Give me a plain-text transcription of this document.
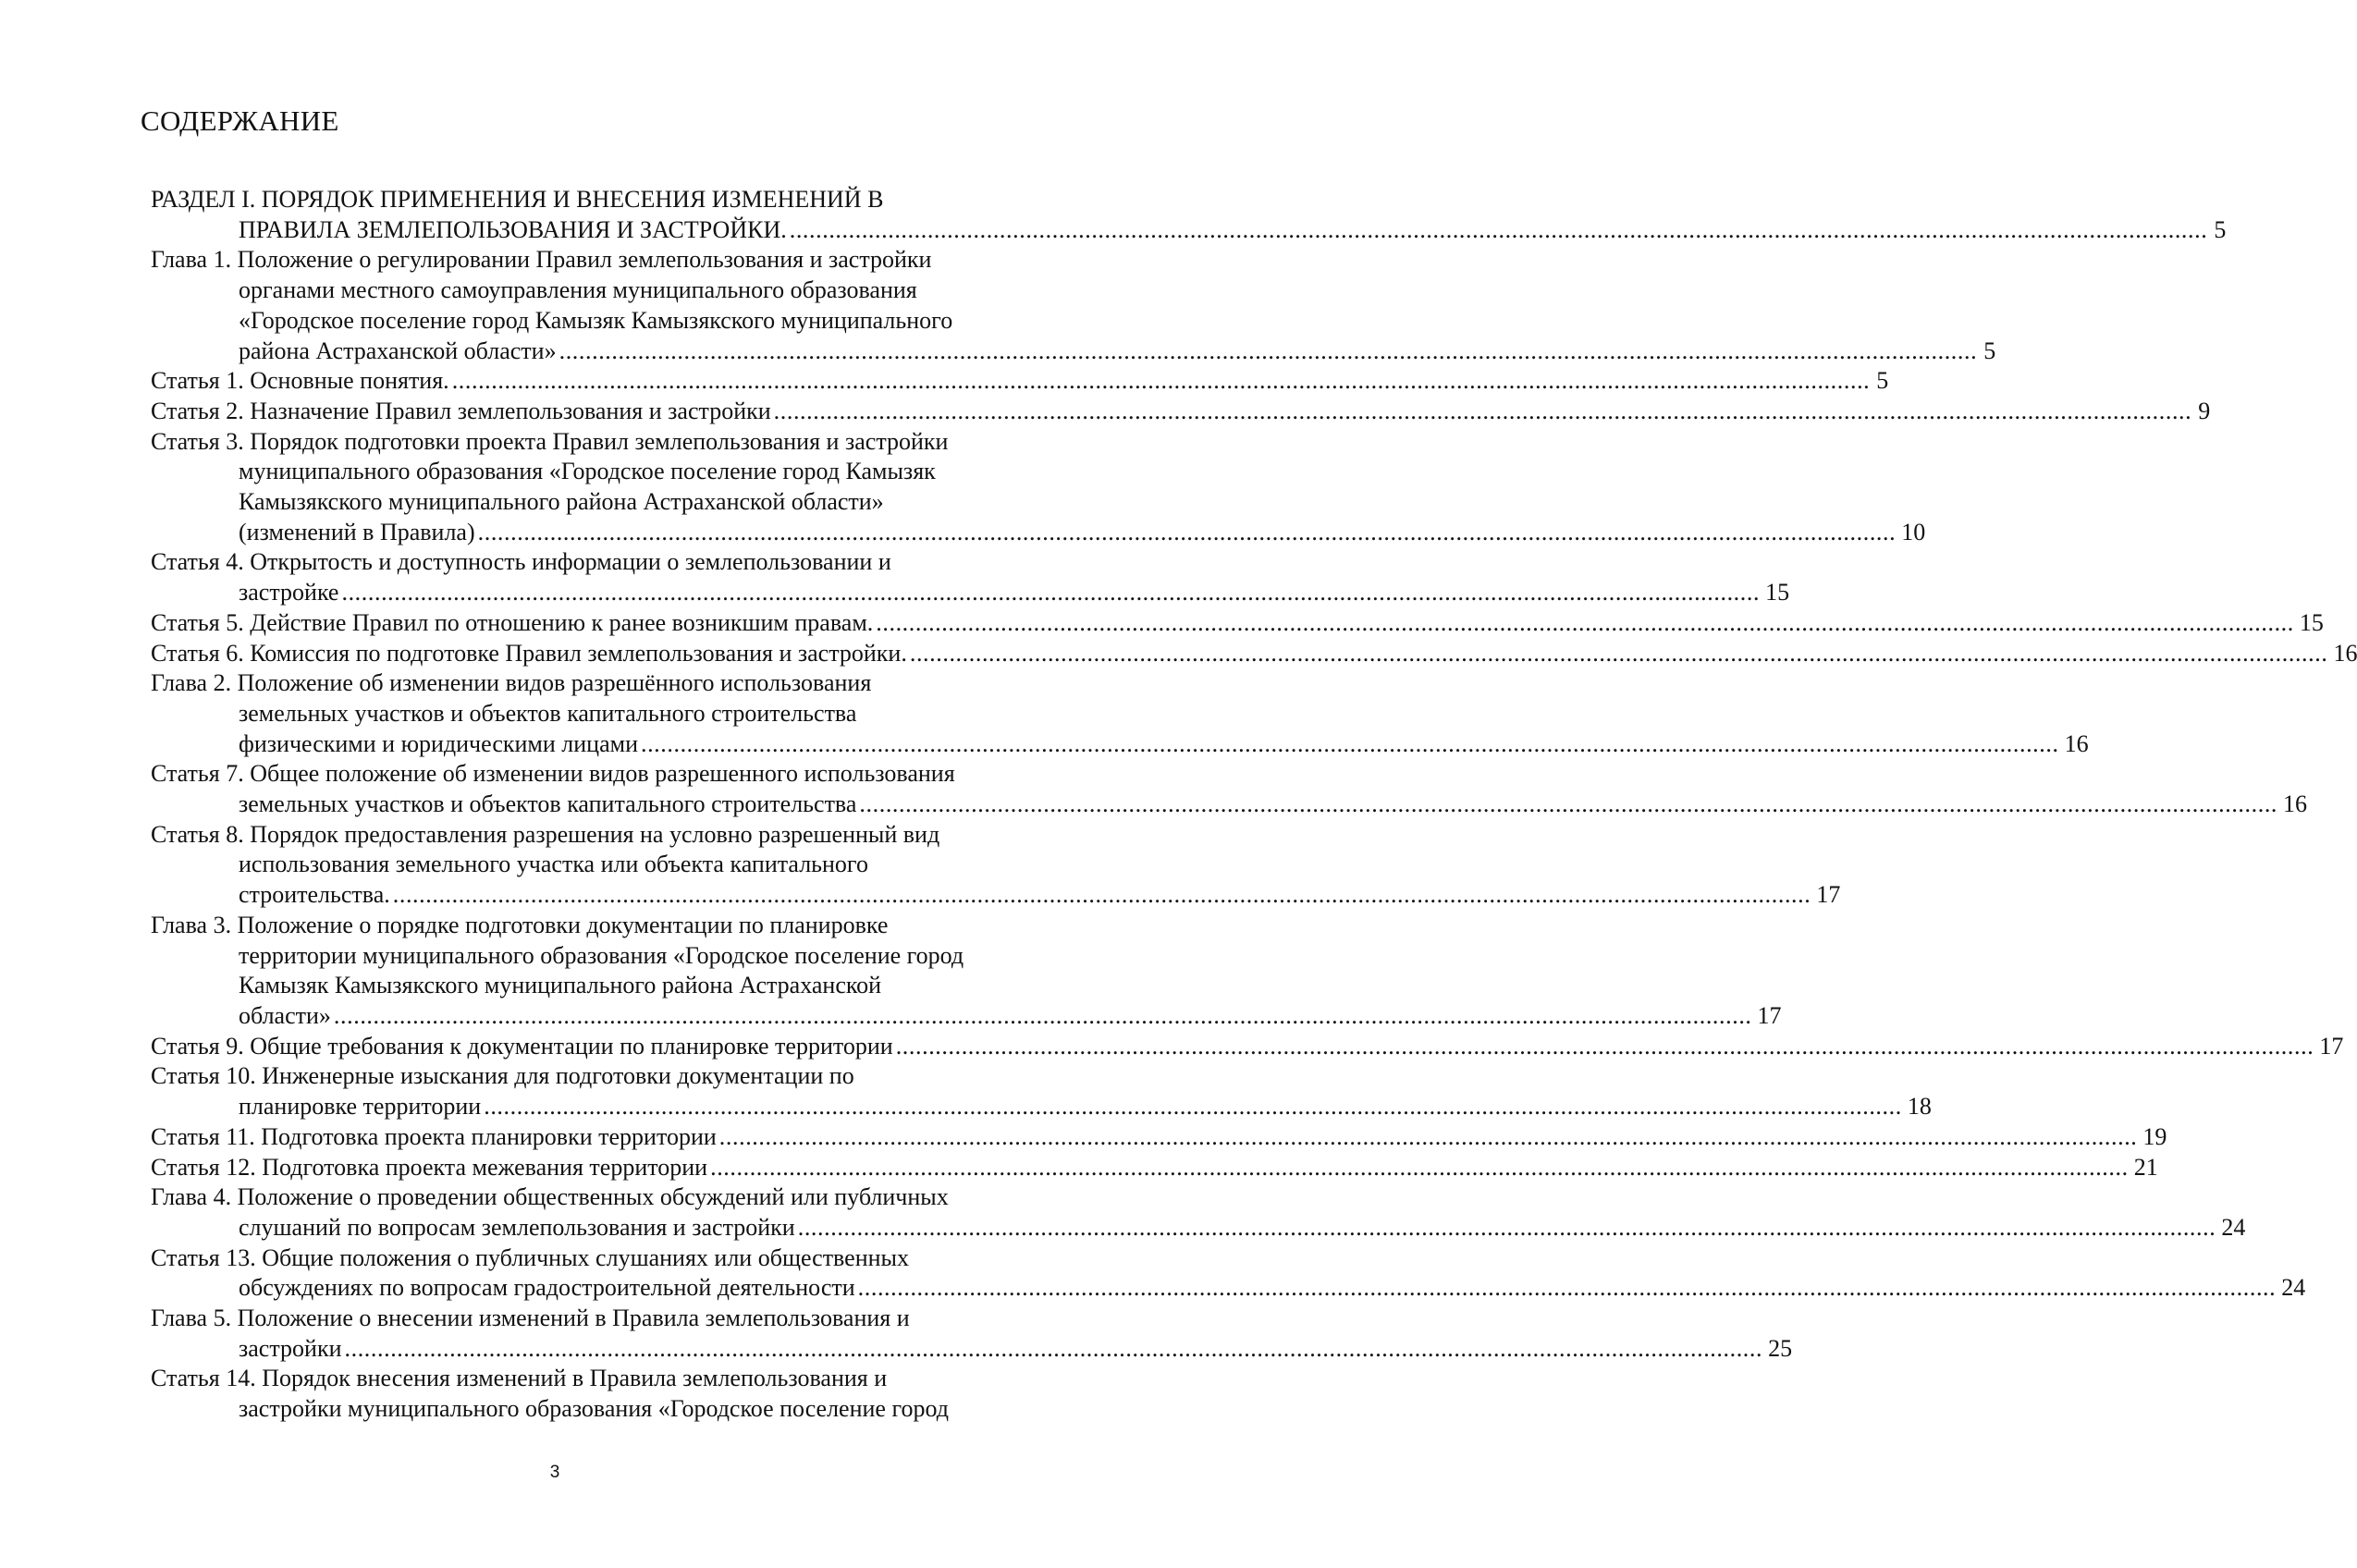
СОДЕРЖАНИЕ
РАЗДЕЛ I. ПОРЯДОК ПРИМЕНЕНИЯ И ВНЕСЕНИЯ ИЗМЕНЕНИЙ В
ПРАВИЛА ЗЕМЛЕПОЛЬЗОВАНИЯ И ЗАСТРОЙКИ. .....	5
Глава 1. Положение о регулировании Правил землепользования и застройки
органами местного самоуправления муниципального образования
«Городское поселение город Камызяк Камызякского муниципального
района Астраханской области» .....	5
Статья 1. Основные понятия. .....	5
Статья 2. Назначение Правил землепользования и застройки .....	9
Статья 3. Порядок подготовки проекта Правил землепользования и застройки
муниципального образования «Городское поселение город Камызяк
Камызякского муниципального района Астраханской области»
(изменений в Правила) .....	10
Статья 4. Открытость и доступность информации о землепользовании и
застройке .....	15
Статья 5. Действие Правил по отношению к ранее возникшим правам. .....	15
Статья 6. Комиссия по подготовке Правил землепользования и застройки. .....	16
Глава 2. Положение об изменении видов разрешённого использования
земельных участков и объектов капитального строительства
физическими и юридическими лицами .....	16
Статья 7. Общее положение об изменении видов разрешенного использования
земельных участков и объектов капитального строительства .....	16
Статья 8. Порядок предоставления разрешения на условно разрешенный вид
использования земельного участка или объекта капитального
строительства. .....	17
Глава 3. Положение о порядке подготовки документации по планировке
территории муниципального образования «Городское поселение город
Камызяк Камызякского муниципального района Астраханской
области» .....	17
Статья 9. Общие требования к документации по планировке территории .....	17
Статья 10. Инженерные изыскания для подготовки документации по
планировке территории .....	18
Статья 11. Подготовка проекта планировки территории .....	19
Статья 12. Подготовка проекта межевания территории .....	21
Глава 4. Положение о проведении общественных обсуждений или публичных
слушаний по вопросам землепользования и застройки .....	24
Статья 13. Общие положения о публичных слушаниях или общественных
обсуждениях по вопросам градостроительной деятельности .....	24
Глава 5. Положение о внесении изменений в Правила землепользования и
застройки .....	25
Статья 14. Порядок внесения изменений в Правила землепользования и
застройки муниципального образования «Городское поселение город
3
